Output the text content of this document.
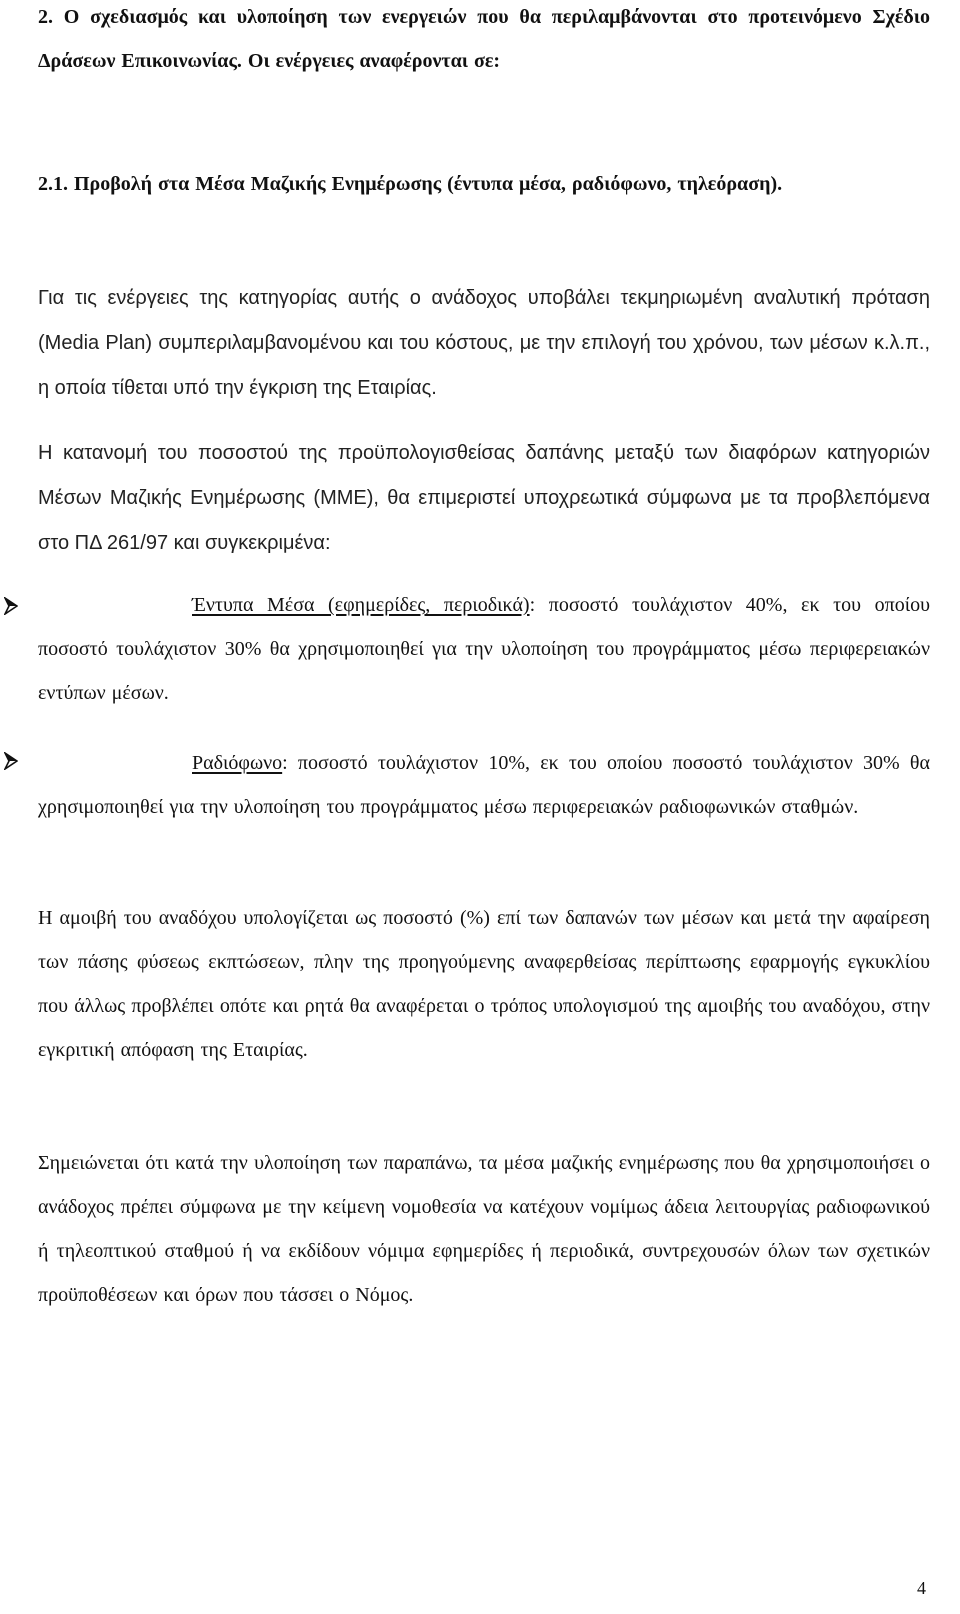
2. Ο σχεδιασμός και υλοποίηση των ενεργειών που θα περιλαμβάνονται στο προτεινόμενο Σχέδιο Δράσεων Επικοινωνίας. Οι ενέργειες αναφέρονται σε:

2.1. Προβολή στα Μέσα Μαζικής Ενημέρωσης (έντυπα μέσα, ραδιόφωνο, τηλεόραση).

Για τις ενέργειες της κατηγορίας αυτής ο ανάδοχος υποβάλει τεκμηριωμένη αναλυτική πρόταση (Media Plan) συμπεριλαμβανομένου και του κόστους, με την επιλογή του χρόνου, των μέσων κ.λ.π., η οποία τίθεται υπό την έγκριση της Εταιρίας.

Η κατανομή του ποσοστού της προϋπολογισθείσας δαπάνης μεταξύ των διαφόρων κατηγοριών Μέσων Μαζικής Ενημέρωσης (ΜΜΕ), θα επιμεριστεί υποχρεωτικά σύμφωνα με τα προβλεπόμενα στο ΠΔ 261/97 και συγκεκριμένα:

Έντυπα Μέσα (εφημερίδες, περιοδικά): ποσοστό τουλάχιστον 40%, εκ του οποίου ποσοστό τουλάχιστον 30% θα χρησιμοποιηθεί για την υλοποίηση του προγράμματος μέσω περιφερειακών εντύπων μέσων.

Ραδιόφωνο: ποσοστό τουλάχιστον 10%, εκ του οποίου ποσοστό τουλάχιστον 30% θα χρησιμοποιηθεί για την υλοποίηση του προγράμματος μέσω περιφερειακών ραδιοφωνικών σταθμών.

Η αμοιβή του αναδόχου υπολογίζεται ως ποσοστό (%) επί των δαπανών των μέσων και μετά την αφαίρεση των πάσης φύσεως εκπτώσεων, πλην της προηγούμενης αναφερθείσας περίπτωσης εφαρμογής εγκυκλίου που άλλως προβλέπει οπότε και ρητά θα αναφέρεται ο τρόπος υπολογισμού της αμοιβής του αναδόχου, στην εγκριτική απόφαση της Εταιρίας.

Σημειώνεται ότι κατά την υλοποίηση των παραπάνω, τα μέσα μαζικής ενημέρωσης που θα χρησιμοποιήσει ο ανάδοχος πρέπει σύμφωνα με την κείμενη νομοθεσία να κατέχουν νομίμως άδεια λειτουργίας ραδιοφωνικού ή τηλεοπτικού σταθμού ή να εκδίδουν νόμιμα εφημερίδες ή περιοδικά, συντρεχουσών όλων των σχετικών προϋποθέσεων και όρων που τάσσει ο Νόμος.

4
